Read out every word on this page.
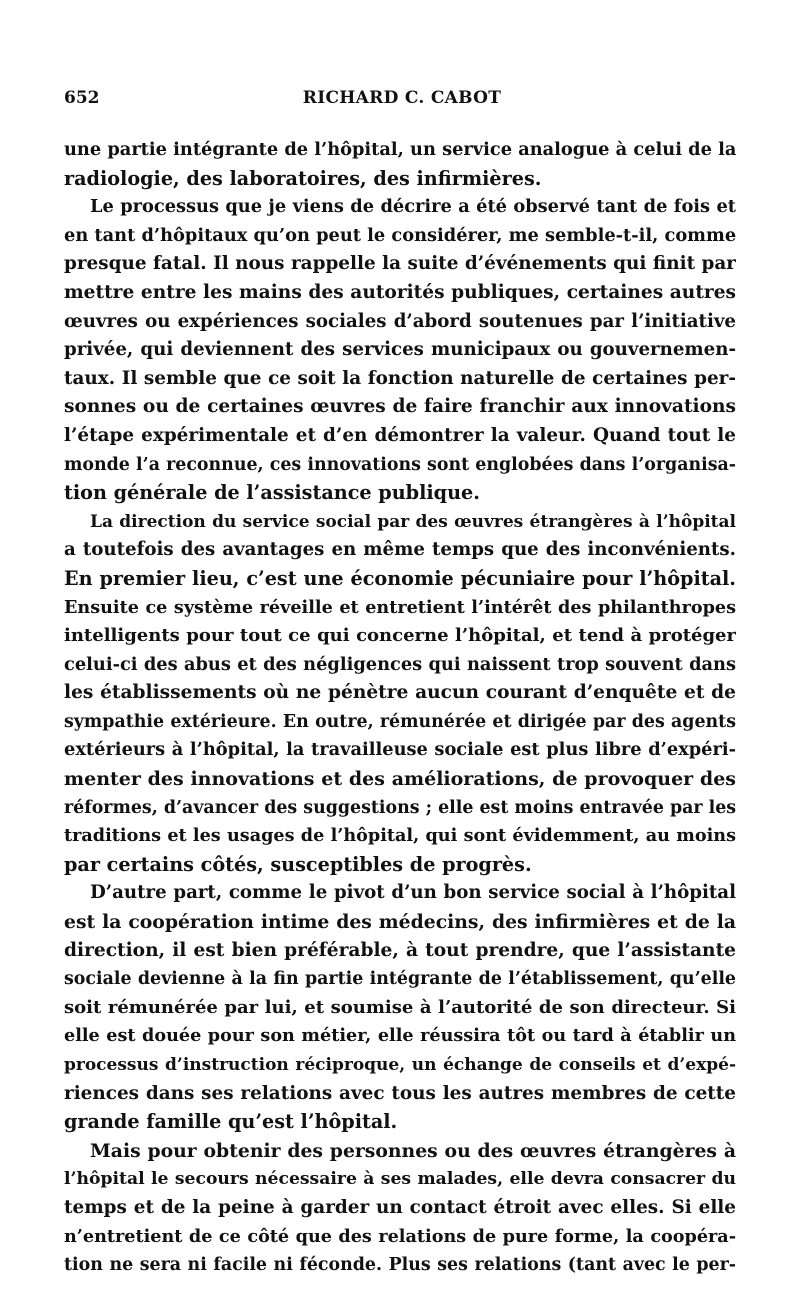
652	RICHARD C. CABOT
une partie intégrante de l’hôpital, un service analogue à celui de la
radiologie, des laboratoires, des infirmières.
Le processus que je viens de décrire a été observé tant de fois et
en tant d’hôpitaux qu’on peut le considérer, me semble-t-il, comme
presque fatal. Il nous rappelle la suite d’événements qui finit par
mettre entre les mains des autorités publiques, certaines autres
œuvres ou expériences sociales d’abord soutenues par l’initiative
privée, qui deviennent des services municipaux ou gouvernemen-
taux. Il semble que ce soit la fonction naturelle de certaines per-
sonnes ou de certaines œuvres de faire franchir aux innovations
l’étape expérimentale et d’en démontrer la valeur. Quand tout le
monde l’a reconnue, ces innovations sont englobées dans l’organisa-
tion générale de l’assistance publique.
La direction du service social par des œuvres étrangères à l’hôpital
a toutefois des avantages en même temps que des inconvénients.
En premier lieu, c’est une économie pécuniaire pour l’hôpital.
Ensuite ce système réveille et entretient l’intérêt des philanthropes
intelligents pour tout ce qui concerne l’hôpital, et tend à protéger
celui-ci des abus et des négligences qui naissent trop souvent dans
les établissements où ne pénètre aucun courant d’enquête et de
sympathie extérieure. En outre, rémunérée et dirigée par des agents
extérieurs à l’hôpital, la travailleuse sociale est plus libre d’expéri-
menter des innovations et des améliorations, de provoquer des
réformes, d’avancer des suggestions ; elle est moins entravée par les
traditions et les usages de l’hôpital, qui sont évidemment, au moins
par certains côtés, susceptibles de progrès.
D’autre part, comme le pivot d’un bon service social à l’hôpital
est la coopération intime des médecins, des infirmières et de la
direction, il est bien préférable, à tout prendre, que l’assistante
sociale devienne à la fin partie intégrante de l’établissement, qu’elle
soit rémunérée par lui, et soumise à l’autorité de son directeur. Si
elle est douée pour son métier, elle réussira tôt ou tard à établir un
processus d’instruction réciproque, un échange de conseils et d’expé-
riences dans ses relations avec tous les autres membres de cette
grande famille qu’est l’hôpital.
Mais pour obtenir des personnes ou des œuvres étrangères à
l’hôpital le secours nécessaire à ses malades, elle devra consacrer du
temps et de la peine à garder un contact étroit avec elles. Si elle
n’entretient de ce côté que des relations de pure forme, la coopéra-
tion ne sera ni facile ni féconde. Plus ses relations (tant avec le per-
